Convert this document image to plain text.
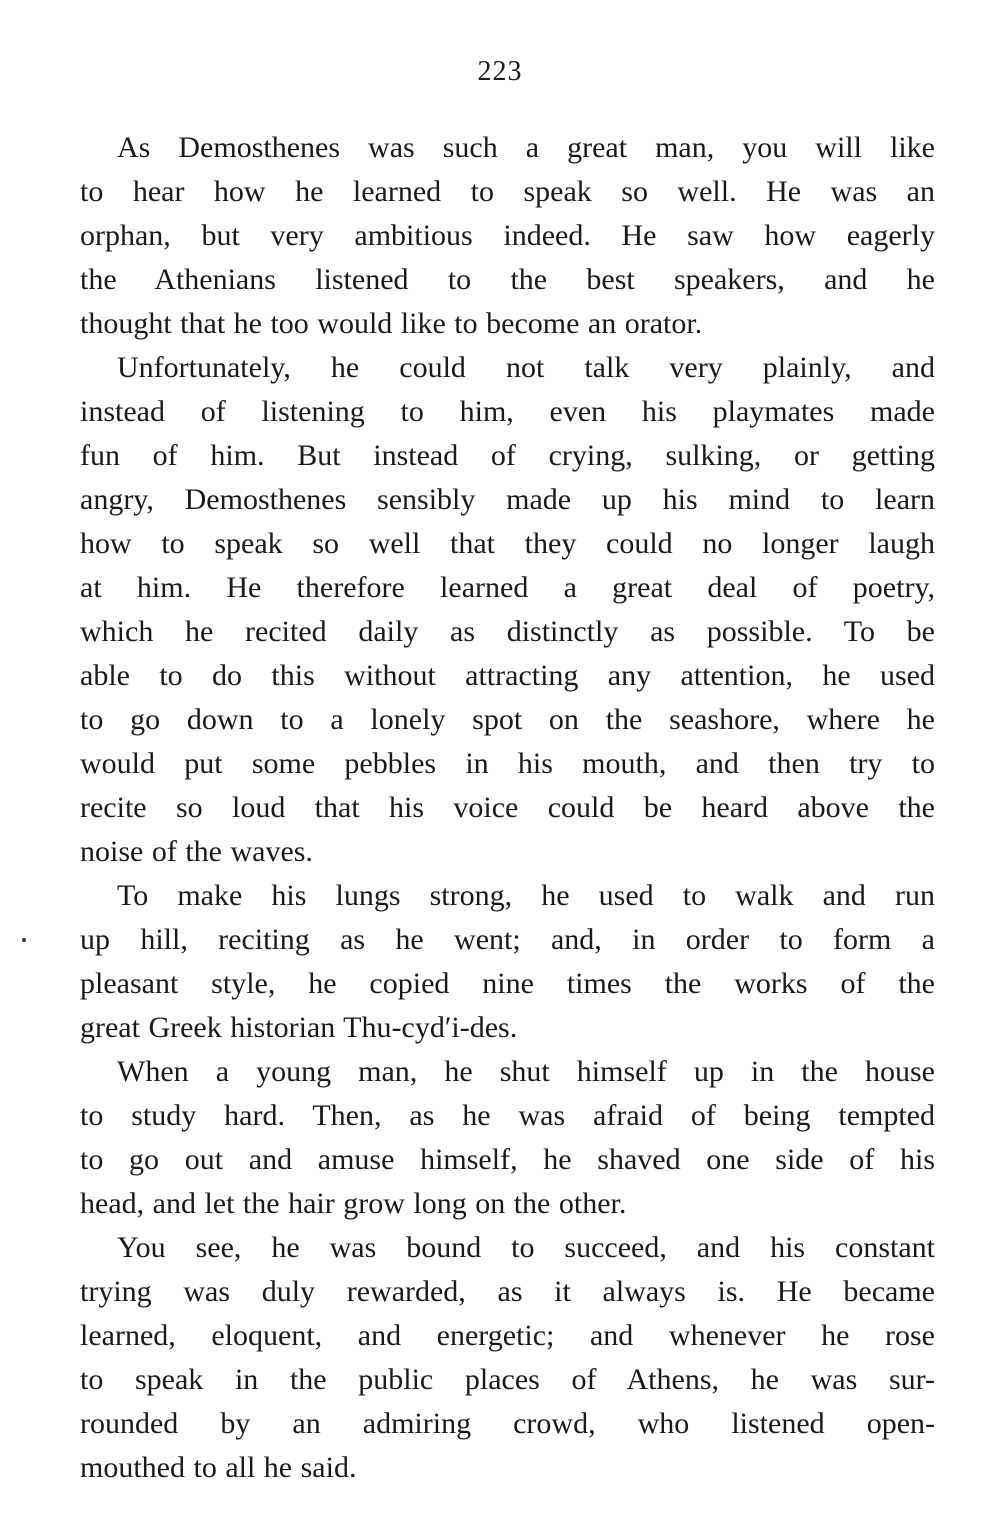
223
As Demosthenes was such a great man, you will like
to hear how he learned to speak so well. He was an
orphan, but very ambitious indeed. He saw how eagerly
the Athenians listened to the best speakers, and he
thought that he too would like to become an orator.
Unfortunately, he could not talk very plainly, and
instead of listening to him, even his playmates made
fun of him. But instead of crying, sulking, or getting
angry, Demosthenes sensibly made up his mind to learn
how to speak so well that they could no longer laugh
at him. He therefore learned a great deal of poetry,
which he recited daily as distinctly as possible. To be
able to do this without attracting any attention, he used
to go down to a lonely spot on the seashore, where he
would put some pebbles in his mouth, and then try to
recite so loud that his voice could be heard above the
noise of the waves.
To make his lungs strong, he used to walk and run
up hill, reciting as he went; and, in order to form a
pleasant style, he copied nine times the works of the
great Greek historian Thu-cyd′i-des.
When a young man, he shut himself up in the house
to study hard. Then, as he was afraid of being tempted
to go out and amuse himself, he shaved one side of his
head, and let the hair grow long on the other.
You see, he was bound to succeed, and his constant
trying was duly rewarded, as it always is. He became
learned, eloquent, and energetic; and whenever he rose
to speak in the public places of Athens, he was sur-
rounded by an admiring crowd, who listened open-
mouthed to all he said.
